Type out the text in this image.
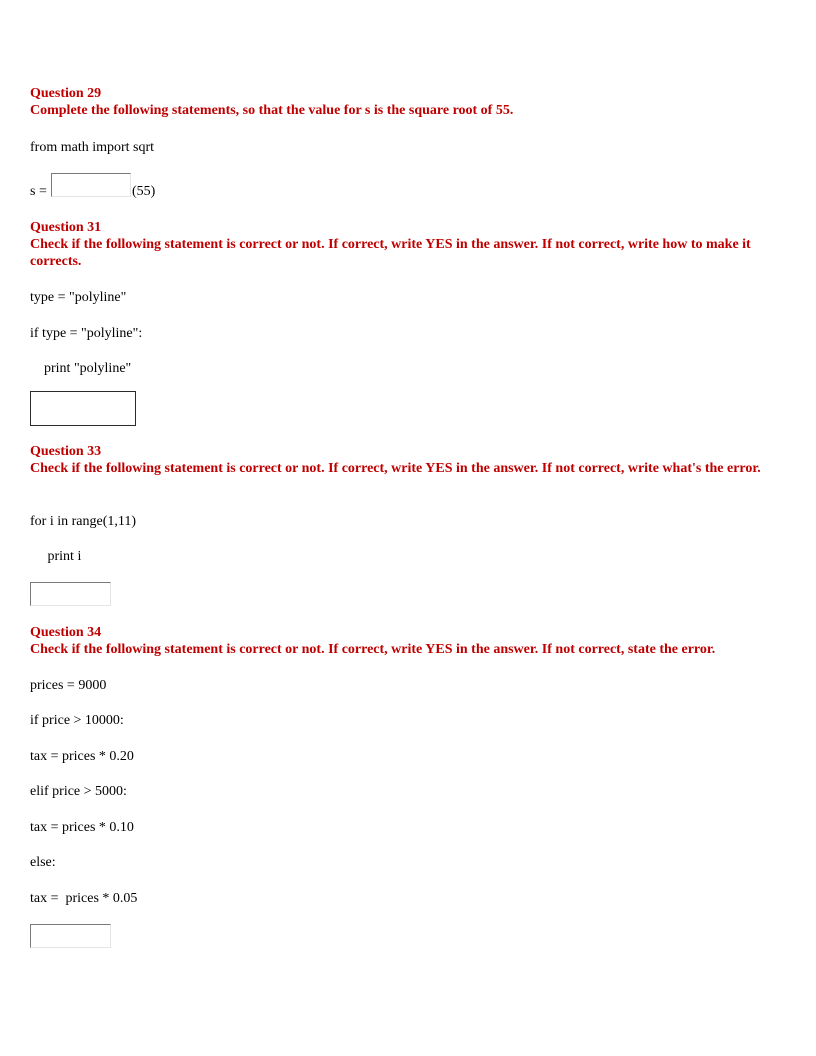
Question 29
Complete the following statements, so that the value for s is the square root of 55.
from math import sqrt
s =	(55)
Question 31
Check if the following statement is correct or not. If correct, write YES in the answer. If not correct, write how to make it corrects.
type = "polyline"
if type = "polyline":
print "polyline"
Question 33
Check if the following statement is correct or not. If correct, write YES in the answer. If not correct, write what's the error.
for i in range(1,11)
print i
Question 34
Check if the following statement is correct or not. If correct, write YES in the answer. If not correct, state the error.
prices = 9000
if price > 10000:
tax = prices * 0.20
elif price > 5000:
tax = prices * 0.10
else:
tax =  prices * 0.05
